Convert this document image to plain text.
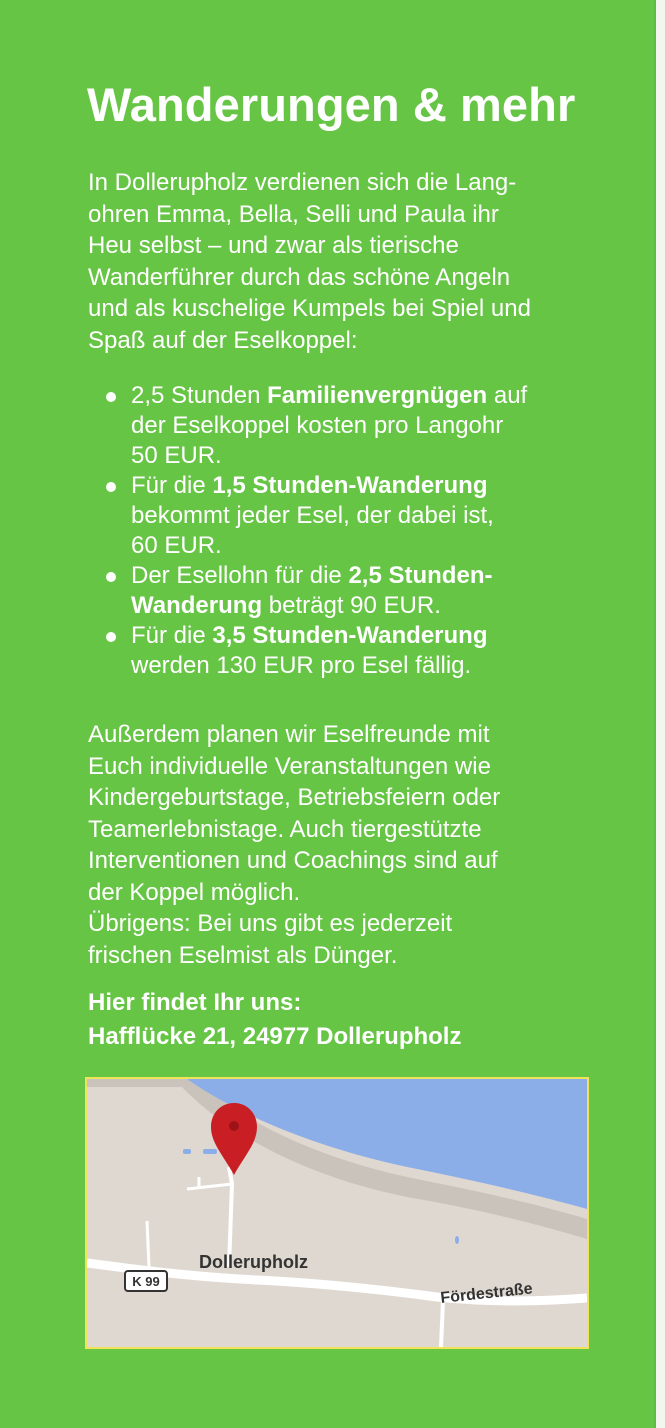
Wanderungen & mehr

In Dollerupholz verdienen sich die Lang-
ohren Emma, Bella, Selli und Paula ihr
Heu selbst – und zwar als tierische
Wanderführer durch das schöne Angeln
und als kuschelige Kumpels bei Spiel und
Spaß auf der Eselkoppel:

2,5 Stunden Familienvergnügen auf
der Eselkoppel kosten pro Langohr
50 EUR.
Für die 1,5 Stunden-Wanderung
bekommt jeder Esel, der dabei ist,
60 EUR.
Der Esellohn für die 2,5 Stunden-
Wanderung beträgt 90 EUR.
Für die 3,5 Stunden-Wanderung
werden 130 EUR pro Esel fällig.

Außerdem planen wir Eselfreunde mit
Euch individuelle Veranstaltungen wie
Kindergeburtstage, Betriebsfeiern oder
Teamerlebnistage. Auch tiergestützte
Interventionen und Coachings sind auf
der Koppel möglich.
Übrigens: Bei uns gibt es jederzeit
frischen Eselmist als Dünger.

Hier findet Ihr uns:
Hafflücke 21, 24977 Dollerupholz

K 99
Dollerupholz
Fördestraße
